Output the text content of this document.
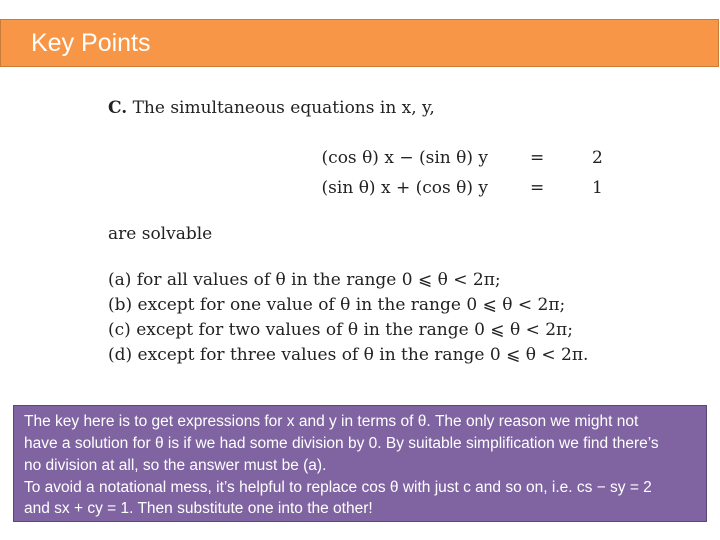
Key Points
C. The simultaneous equations in x, y,
(cos θ) x − (sin θ) y =	2
(sin θ) x + (cos θ) y =	1
are solvable
(a) for all values of θ in the range 0 ⩽ θ < 2π;
(b) except for one value of θ in the range 0 ⩽ θ < 2π;
(c) except for two values of θ in the range 0 ⩽ θ < 2π;
(d) except for three values of θ in the range 0 ⩽ θ < 2π.
The key here is to get expressions for x and y in terms of θ. The only reason we might not
have a solution for θ is if we had some division by 0. By suitable simplification we find there’s
no division at all, so the answer must be (a).
To avoid a notational mess, it’s helpful to replace cos θ with just c and so on, i.e. cs − sy = 2
and sx + cy = 1. Then substitute one into the other!
